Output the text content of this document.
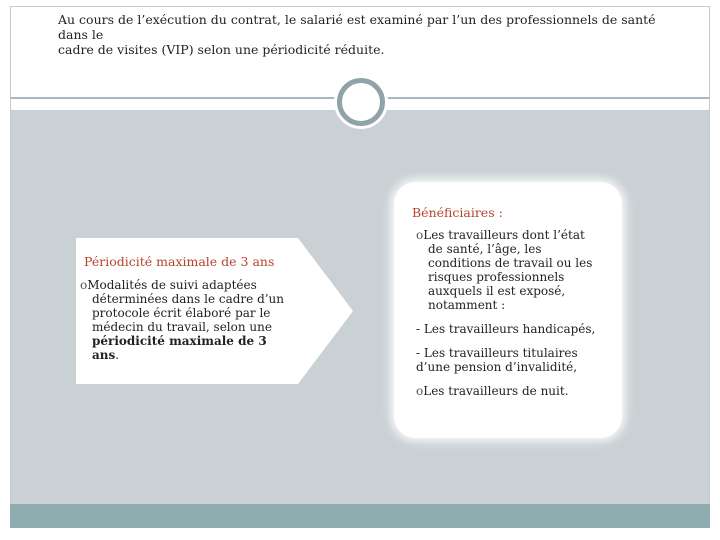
Au cours de l’exécution du contrat, le salarié est examiné par l’un des professionnels de santé dans le
cadre de visites (VIP) selon une périodicité réduite.
Périodicité maximale de 3 ans
oModalités de suivi adaptées
déterminées dans le cadre d’un
protocole écrit élaboré par le
médecin du travail, selon une
périodicité maximale de 3
ans.
Bénéficiaires :

oLes travailleurs dont l’état
de santé, l’âge, les
conditions de travail ou les
risques professionnels
auxquels il est exposé,
notamment :

- Les travailleurs handicapés,

- Les travailleurs titulaires
d’une pension d’invalidité,

oLes travailleurs de nuit.
